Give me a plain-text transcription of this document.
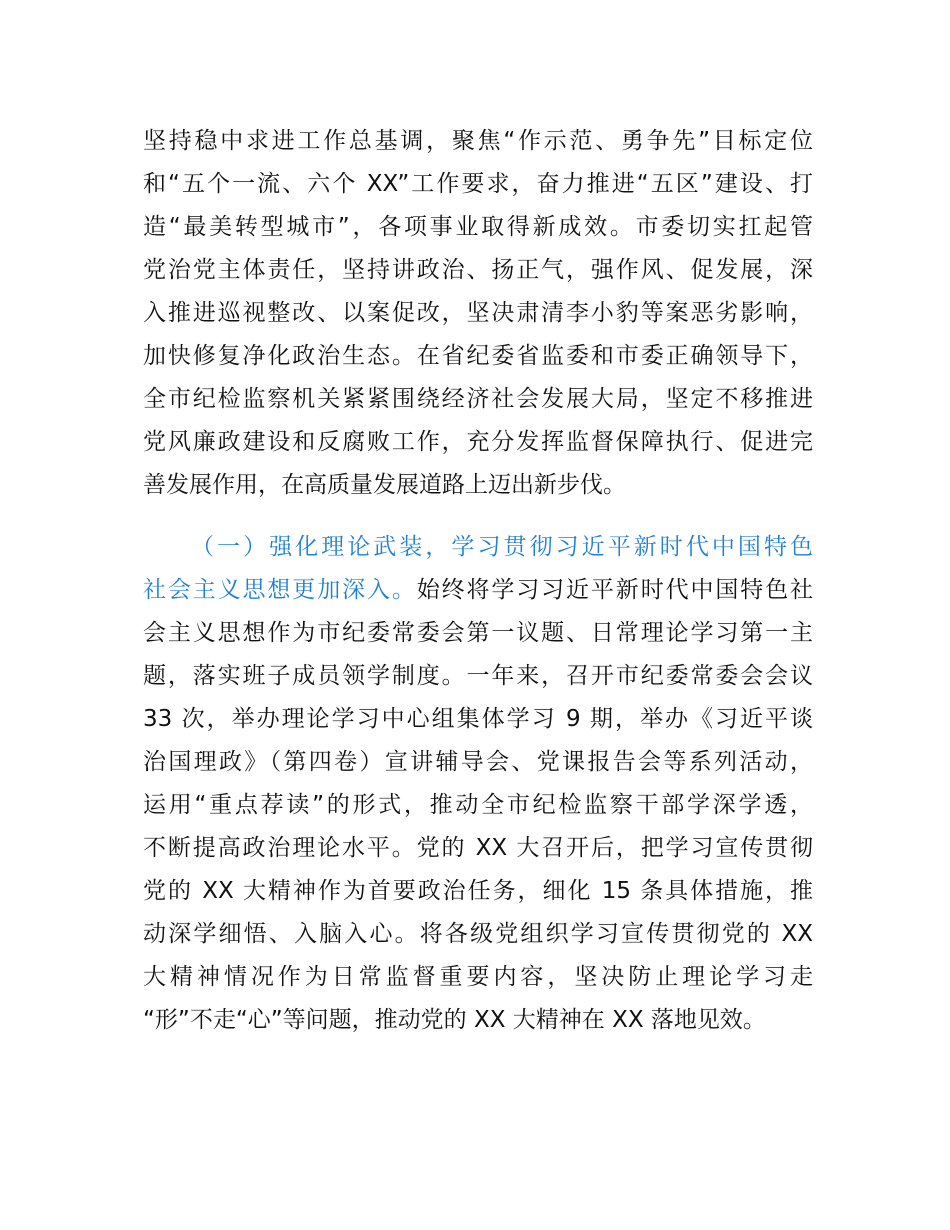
坚持稳中求进工作总基调，聚焦“作示范、勇争先”目标定位
和“五个一流、六个 XX”工作要求，奋力推进“五区”建设、打
造“最美转型城市”，各项事业取得新成效。市委切实扛起管
党治党主体责任，坚持讲政治、扬正气，强作风、促发展，深
入推进巡视整改、以案促改，坚决肃清李小豹等案恶劣影响，
加快修复净化政治生态。在省纪委省监委和市委正确领导下，
全市纪检监察机关紧紧围绕经济社会发展大局，坚定不移推进
党风廉政建设和反腐败工作，充分发挥监督保障执行、促进完
善发展作用，在高质量发展道路上迈出新步伐。
（一）强化理论武装，学习贯彻习近平新时代中国特色
社会主义思想更加深入。始终将学习习近平新时代中国特色社
会主义思想作为市纪委常委会第一议题、日常理论学习第一主
题，落实班子成员领学制度。一年来，召开市纪委常委会会议
33 次，举办理论学习中心组集体学习 9 期，举办《习近平谈
治国理政》（第四卷）宣讲辅导会、党课报告会等系列活动，
运用“重点荐读”的形式，推动全市纪检监察干部学深学透，
不断提高政治理论水平。党的 XX 大召开后，把学习宣传贯彻
党的 XX 大精神作为首要政治任务，细化 15 条具体措施，推
动深学细悟、入脑入心。将各级党组织学习宣传贯彻党的 XX
大精神情况作为日常监督重要内容，坚决防止理论学习走
“形”不走“心”等问题，推动党的 XX 大精神在 XX 落地见效。
